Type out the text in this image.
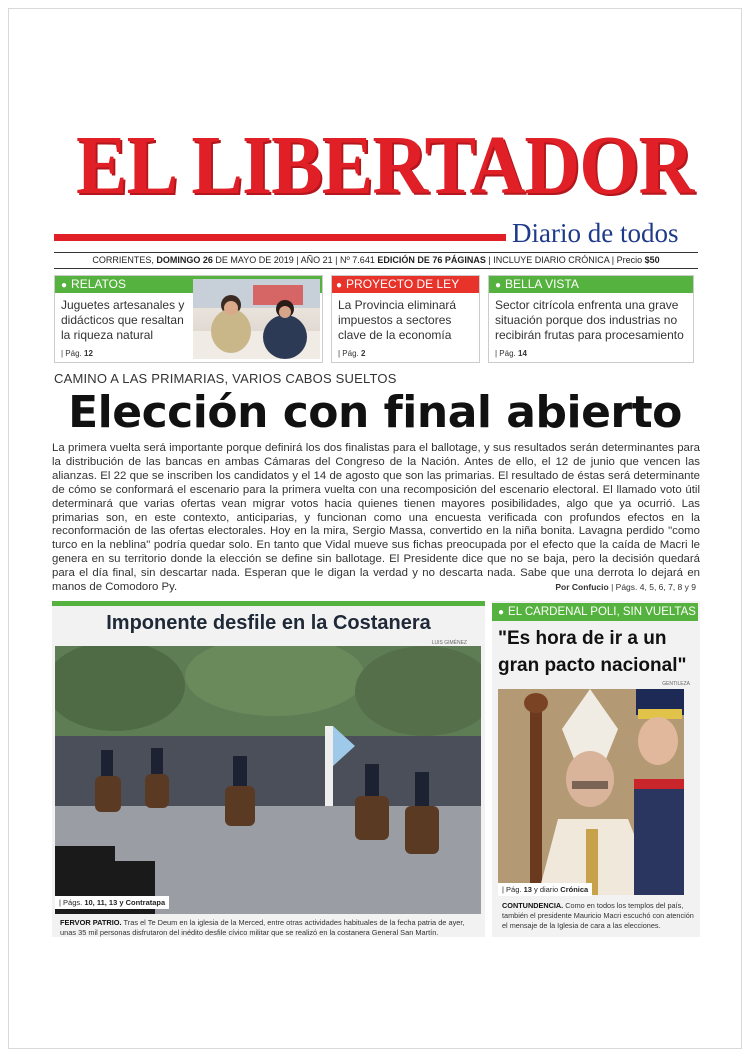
EL LIBERTADOR
Diario de todos
CORRIENTES, DOMINGO 26 DE MAYO DE 2019 | AÑO 21 | Nº 7.641 EDICIÓN DE 76 PÁGINAS | INCLUYE DIARIO CRÓNICA | Precio $50
● RELATOS
Juguetes artesanales y didácticos que resaltan la riqueza natural
| Pág. 12
● PROYECTO DE LEY
La Provincia eliminará impuestos a sectores clave de la economía
| Pág. 2
● BELLA VISTA
Sector citrícola enfrenta una grave situación porque dos industrias no recibirán frutas para procesamiento
| Pág. 14
CAMINO A LAS PRIMARIAS, VARIOS CABOS SUELTOS
Elección con final abierto
La primera vuelta será importante porque definirá los dos finalistas para el ballotage, y sus resultados serán determinantes para la distribución de las bancas en ambas Cámaras del Congreso de la Nación. Antes de ello, el 12 de junio que vencen las alianzas. El 22 que se inscriben los candidatos y el 14 de agosto que son las primarias. El resultado de éstas será determinante de cómo se conformará el escenario para la primera vuelta con una recomposición del escenario electoral. El llamado voto útil determinará que varias ofertas vean migrar votos hacia quienes tienen mayores posibilidades, algo que ya ocurrió. Las primarias son, en este contexto, anticiparias, y funcionan como una encuesta verificada con profundos efectos en la reconformación de las ofertas electorales. Hoy en la mira, Sergio Massa, convertido en la niña bonita. Lavagna perdido "como turco en la neblina" podría quedar solo. En tanto que Vidal mueve sus fichas preocupada por el efecto que la caída de Macri le genera en su territorio donde la elección se define sin ballotage. El Presidente dice que no se baja, pero la decisión quedará para el día final, sin descartar nada. Esperan que le digan la verdad y no descarta nada. Sabe que una derrota lo dejará en manos de Comodoro Py.	Por Confucio | Págs. 4, 5, 6, 7, 8 y 9
Imponente desfile en la Costanera
LUIS GIMÉNEZ
| Págs. 10, 11, 13 y Contratapa
FERVOR PATRIO. Tras el Te Deum en la iglesia de la Merced, entre otras actividades habituales de la fecha patria de ayer, unas 35 mil personas disfrutaron del inédito desfile cívico militar que se realizó en la costanera General San Martín.
● EL CARDENAL POLI, SIN VUELTAS
"Es hora de ir a un gran pacto nacional"
GENTILEZA
| Pág. 13 y diario Crónica
CONTUNDENCIA. Como en todos los templos del país, también el presidente Mauricio Macri escuchó con atención el mensaje de la Iglesia de cara a las elecciones.
